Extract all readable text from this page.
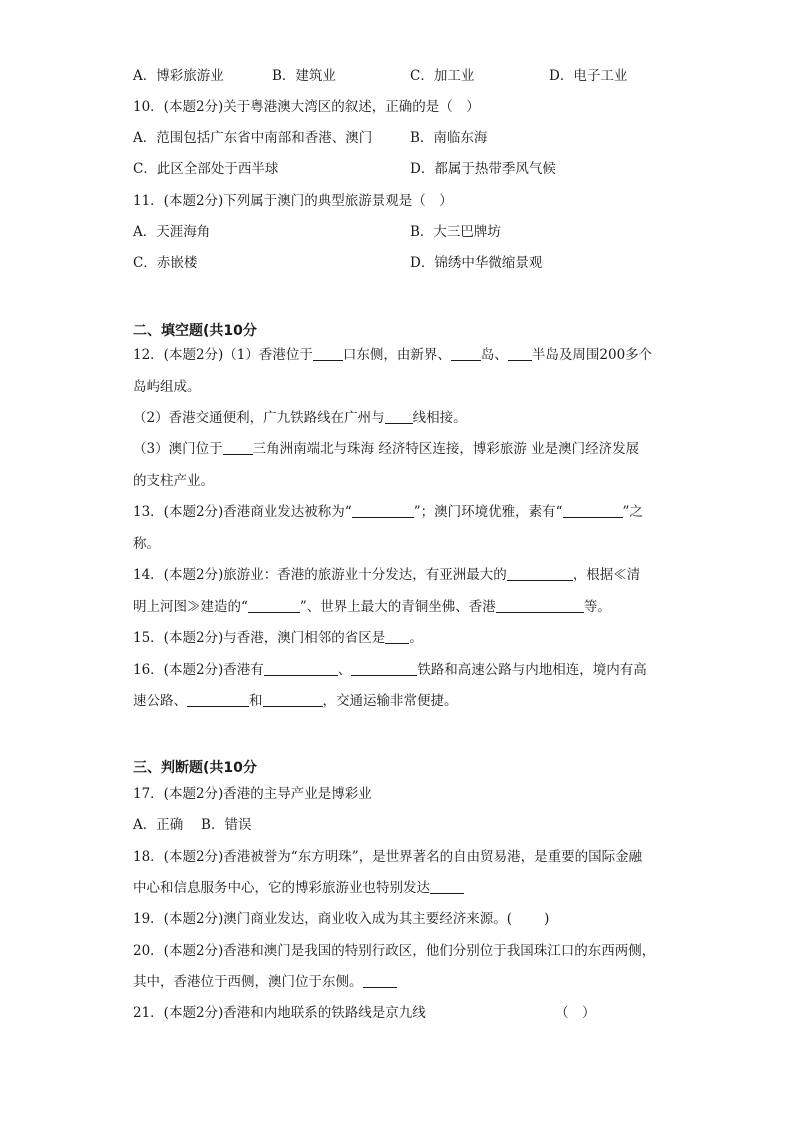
A．博彩旅游业	B．建筑业	C．加工业	D．电子工业
10．(本题2分)关于粤港澳大湾区的叙述，正确的是（　）
A．范围包括广东省中南部和香港、澳门	B．南临东海
C．此区全部处于西半球	D．都属于热带季风气候
11．(本题2分)下列属于澳门的典型旅游景观是（　）
A．天涯海角	B．大三巴牌坊
C．赤嵌楼	D．锦绣中华微缩景观
二、填空题(共10分
12．(本题2分)（1）香港位于 口东侧，由新界、 岛、 半岛及周围200多个
岛屿组成。
（2）香港交通便利，广九铁路线在广州与 线相接。
（3）澳门位于 三角洲南端北与珠海 经济特区连接，博彩旅游 业是澳门经济发展
的支柱产业。
13．(本题2分)香港商业发达被称为“	”；澳门环境优雅，素有“	”之
称。
14．(本题2分)旅游业：香港的旅游业十分发达，有亚洲最大的	，根据≪清
明上河图≫建造的“	”、世界上最大的青铜坐佛、香港	等。
15．(本题2分)与香港，澳门相邻的省区是 。
16．(本题2分)香港有	、	铁路和高速公路与内地相连，境内有高
速公路、	和	，交通运输非常便捷。
三、判断题(共10分
17．(本题2分)香港的主导产业是博彩业
A．正确　 B．错误
18．(本题2分)香港被誉为“东方明珠”，是世界著名的自由贸易港，是重要的国际金融
中心和信息服务中心，它的博彩旅游业也特别发达
19．(本题2分)澳门商业发达，商业收入成为其主要经济来源。( )
20．(本题2分)香港和澳门是我国的特别行政区，他们分别位于我国珠江口的东西两侧，
其中，香港位于西侧，澳门位于东侧。
21．(本题2分)香港和内地联系的铁路线是京九线	（　）
